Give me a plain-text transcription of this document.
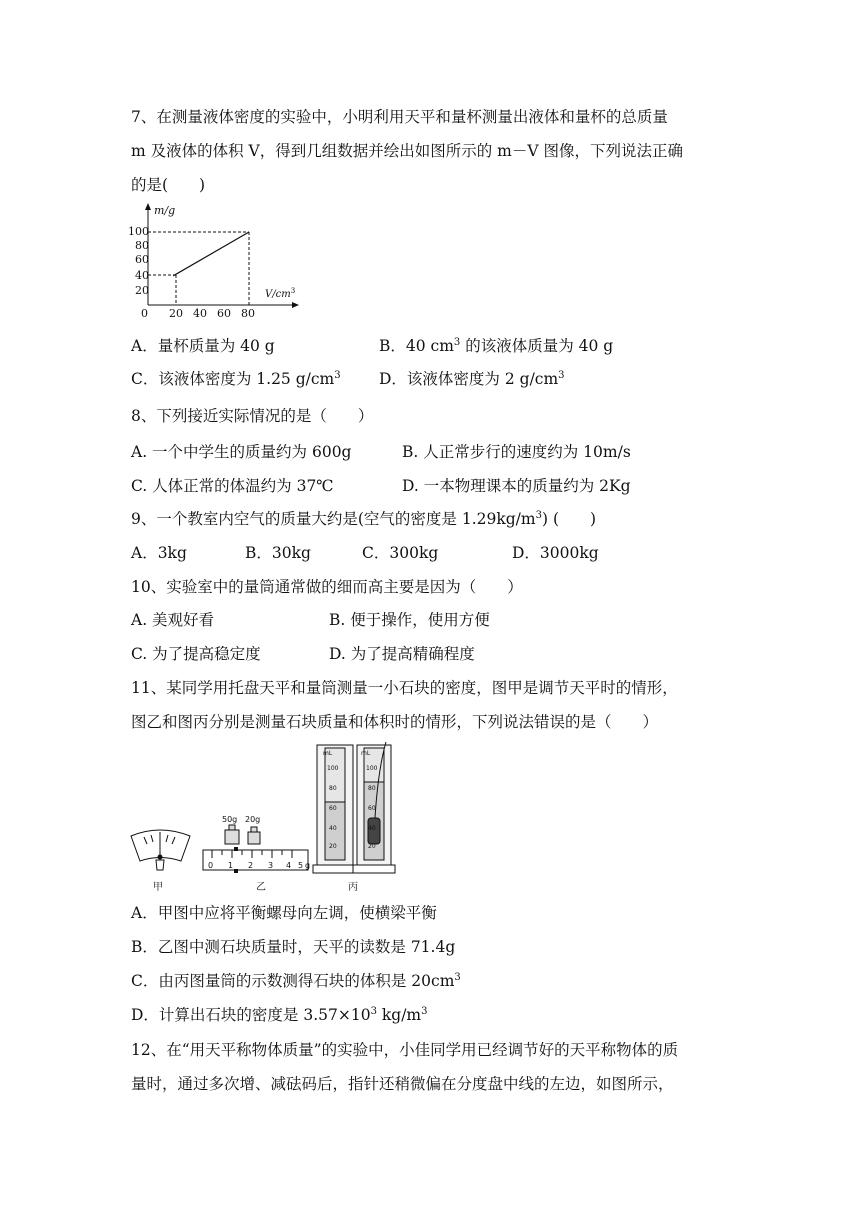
7、在测量液体密度的实验中，小明利用天平和量杯测量出液体和量杯的总质量
m 及液体的体积 V，得到几组数据并绘出如图所示的 m－V 图像，下列说法正确
的是(　　)
m/g
$V/cm^3$
100
80
60
40
20
0 20 40 60 80
A．量杯质量为 40 g	B．40 $cm^3$ 的该液体质量为 40 g
C．该液体密度为 1.25 $g/cm^3$ D．该液体密度为 2 $g/cm^3$
8、下列接近实际情况的是（　　）
A. 一个中学生的质量约为 600g	B. 人正常步行的速度约为 10m/s
C. 人体正常的体温约为 37℃	D. 一本物理课本的质量约为 2Kg
9、一个教室内空气的质量大约是(空气的密度是 $1.29kg/m^3$) (　　)
A．3kg	B．30kg	C．300kg	D．3000kg
10、实验室中的量筒通常做的细而高主要是因为（　　）
A. 美观好看	B. 便于操作，使用方便
C. 为了提高稳定度	D. 为了提高精确程度
11、某同学用托盘天平和量筒测量一小石块的密度，图甲是调节天平时的情形，
图乙和图丙分别是测量石块质量和体积时的情形，下列说法错误的是（　　）
甲
50g 20g
0 1 2 3 4 5 g
乙
mL
100
80
60
40
20
mL
100
80
60
40
20
丙
A．甲图中应将平衡螺母向左调，使横梁平衡
B．乙图中测石块质量时，天平的读数是 71.4g
C．由丙图量筒的示数测得石块的体积是 $20cm^3$
D．计算出石块的密度是 $3.57\times 10^3$ $kg/m^3$
12、在“用天平称物体质量”的实验中，小佳同学用已经调节好的天平称物体的质
量时，通过多次增、减砝码后，指针还稍微偏在分度盘中线的左边，如图所示，
